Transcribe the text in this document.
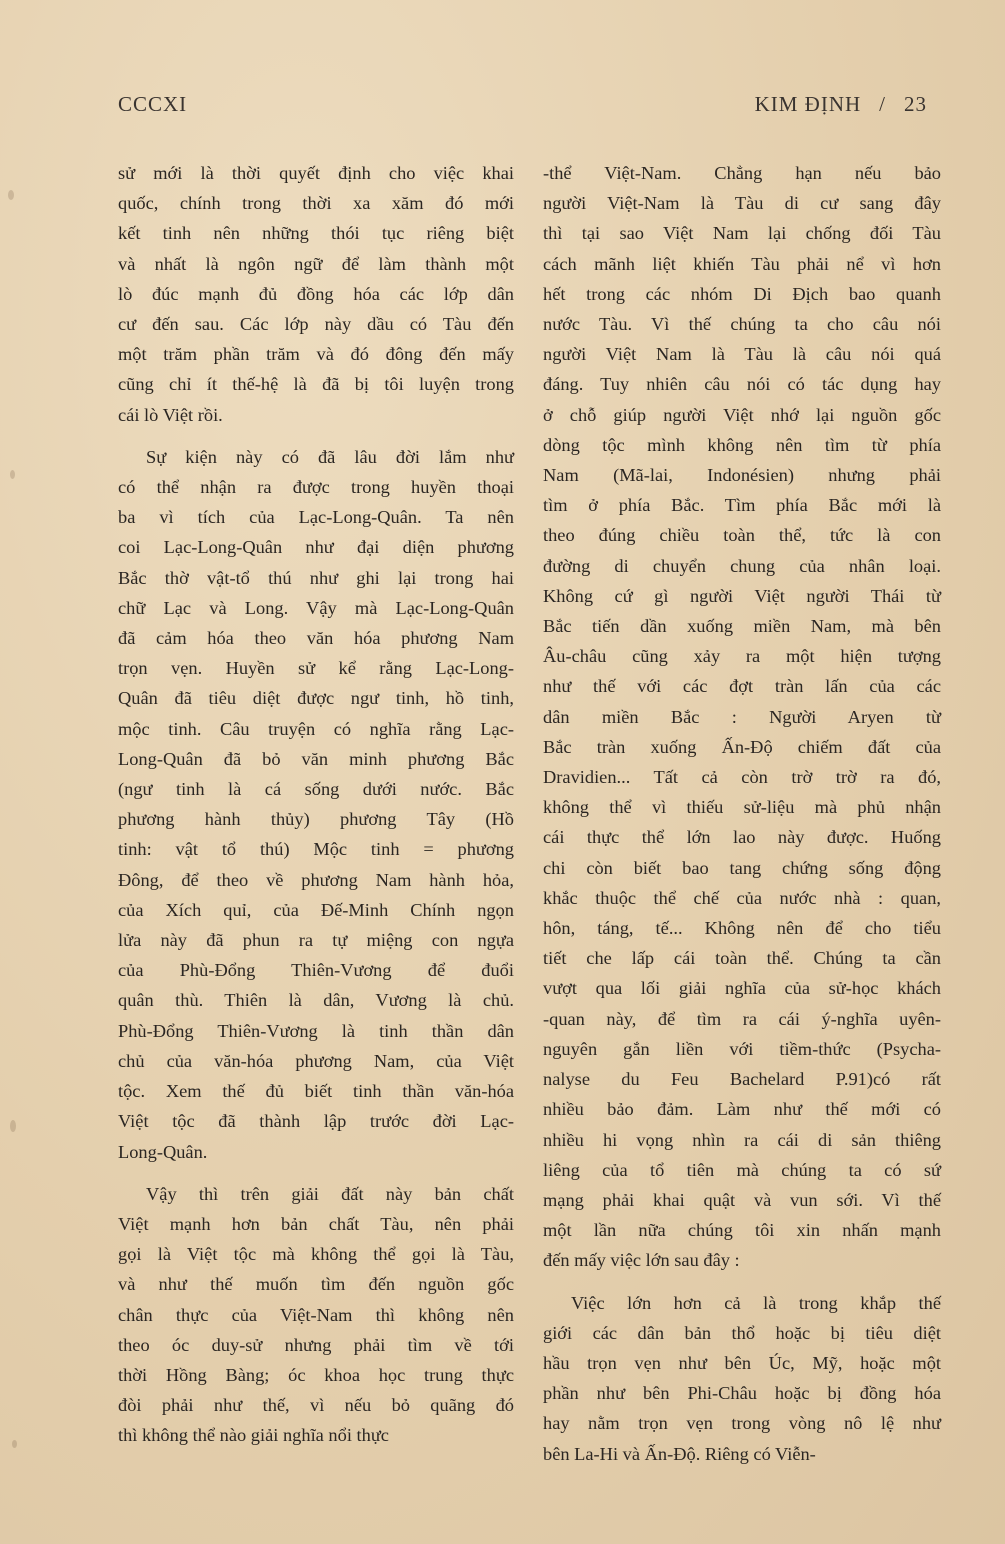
CCCXI	KIM ĐỊNH / 23

sử mới là thời quyết định cho việc khai
quốc, chính trong thời xa xăm đó mới
kết tinh nên những thói tục riêng biệt
và nhất là ngôn ngữ để làm thành một
lò đúc mạnh đủ đồng hóa các lớp dân
cư đến sau. Các lớp này dầu có Tàu đến
một trăm phần trăm và đó đông đến mấy
cũng chỉ ít thế-hệ là đã bị tôi luyện trong
cái lò Việt rồi.

Sự kiện này có đã lâu đời lắm như
có thể nhận ra được trong huyền thoại
ba vì tích của Lạc-Long-Quân. Ta nên
coi Lạc-Long-Quân như đại diện phương
Bắc thờ vật-tổ thú như ghi lại trong hai
chữ Lạc và Long. Vậy mà Lạc-Long-Quân
đã cảm hóa theo văn hóa phương Nam
trọn vẹn. Huyền sử kể rằng Lạc-Long-
Quân đã tiêu diệt được ngư tinh, hồ tinh,
mộc tinh. Câu truyện có nghĩa rằng Lạc-
Long-Quân đã bỏ văn minh phương Bắc
(ngư tinh là cá sống dưới nước. Bắc
phương hành thủy) phương Tây (Hồ
tinh: vật tổ thú) Mộc tinh = phương
Đông, để theo về phương Nam hành hỏa,
của Xích quỉ, của Đế-Minh Chính ngọn
lửa này đã phun ra tự miệng con ngựa
của Phù-Đổng Thiên-Vương để đuổi
quân thù. Thiên là dân, Vương là chủ.
Phù-Đổng Thiên-Vương là tinh thần dân
chủ của văn-hóa phương Nam, của Việt
tộc. Xem thế đủ biết tinh thần văn-hóa
Việt tộc đã thành lập trước đời Lạc-
Long-Quân.

Vậy thì trên giải đất này bản chất
Việt mạnh hơn bản chất Tàu, nên phải
gọi là Việt tộc mà không thể gọi là Tàu,
và như thế muốn tìm đến nguồn gốc
chân thực của Việt-Nam thì không nên
theo óc duy-sử nhưng phải tìm về tới
thời Hồng Bàng; óc khoa học trung thực
đòi phải như thế, vì nếu bỏ quãng đó
thì không thể nào giải nghĩa nổi thực

-thể Việt-Nam. Chẳng hạn nếu bảo
người Việt-Nam là Tàu di cư sang đây
thì tại sao Việt Nam lại chống đối Tàu
cách mãnh liệt khiến Tàu phải nể vì hơn
hết trong các nhóm Di Địch bao quanh
nước Tàu. Vì thế chúng ta cho câu nói
người Việt Nam là Tàu là câu nói quá
đáng. Tuy nhiên câu nói có tác dụng hay
ở chỗ giúp người Việt nhớ lại nguồn gốc
dòng tộc mình không nên tìm từ phía
Nam (Mã-lai, Indonésien) nhưng phải
tìm ở phía Bắc. Tìm phía Bắc mới là
theo đúng chiều toàn thể, tức là con
đường di chuyển chung của nhân loại.
Không cứ gì người Việt người Thái từ
Bắc tiến dần xuống miền Nam, mà bên
Âu-châu cũng xảy ra một hiện tượng
như thế với các đợt tràn lấn của các
dân miền Bắc : Người Aryen từ
Bắc tràn xuống Ấn-Độ chiếm đất của
Dravidien... Tất cả còn trờ trờ ra đó,
không thể vì thiếu sử-liệu mà phủ nhận
cái thực thể lớn lao này được. Huống
chi còn biết bao tang chứng sống động
khắc thuộc thể chế của nước nhà : quan,
hôn, táng, tế... Không nên để cho tiểu
tiết che lấp cái toàn thể. Chúng ta cần
vượt qua lối giải nghĩa của sử-học khách
-quan này, để tìm ra cái ý-nghĩa uyên-
nguyên gắn liền với tiềm-thức (Psycha-
nalyse du Feu Bachelard P.91)có rất
nhiều bảo đảm. Làm như thế mới có
nhiều hi vọng nhìn ra cái di sản thiêng
liêng của tổ tiên mà chúng ta có sứ
mạng phải khai quật và vun sới. Vì thế
một lần nữa chúng tôi xin nhấn mạnh
đến mấy việc lớn sau đây :

Việc lớn hơn cả là trong khắp thế
giới các dân bản thổ hoặc bị tiêu diệt
hầu trọn vẹn như bên Úc, Mỹ, hoặc một
phần như bên Phi-Châu hoặc bị đồng hóa
hay nằm trọn vẹn trong vòng nô lệ như
bên La-Hi và Ấn-Độ. Riêng có Viễn-
